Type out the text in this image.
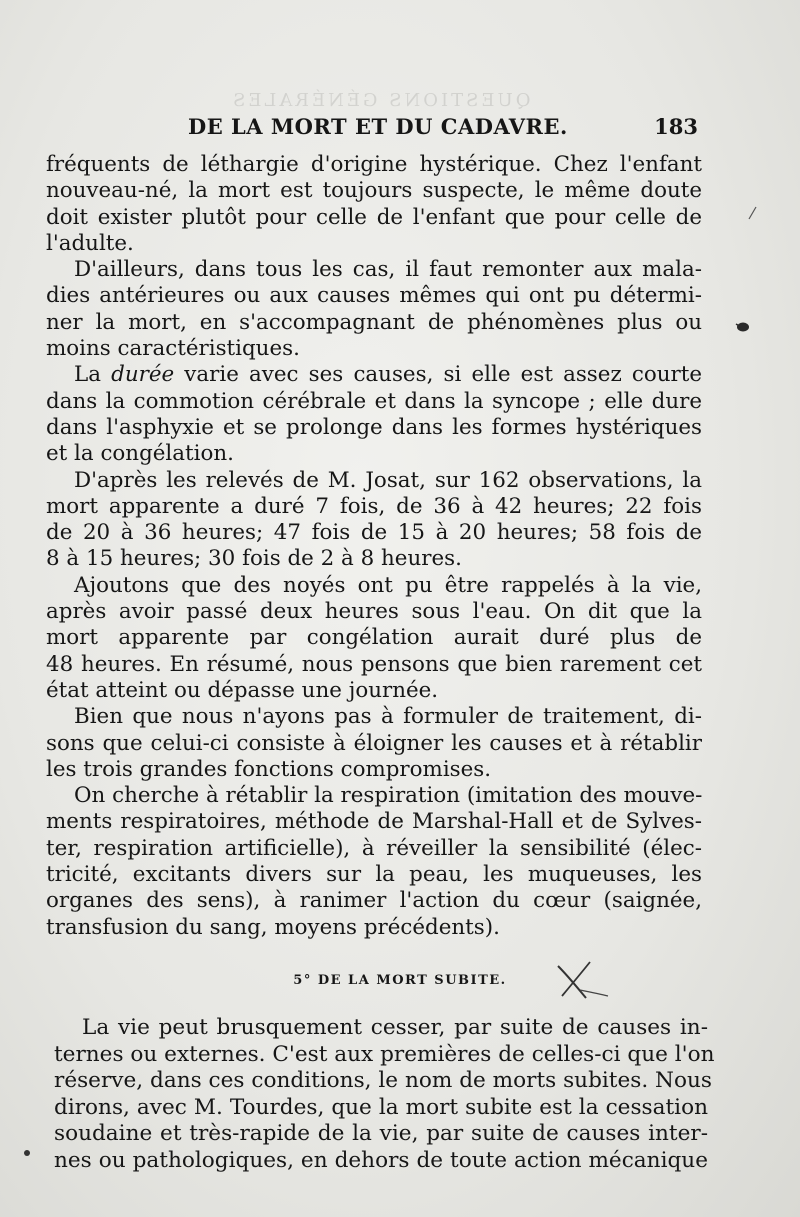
QUESTIONS GÉNÉRALES
DE LA MORT ET DU CADAVRE.	183
fréquents de léthargie d'origine hystérique. Chez l'enfant
nouveau-né, la mort est toujours suspecte, le même doute
doit exister plutôt pour celle de l'enfant que pour celle de
l'adulte.
D'ailleurs, dans tous les cas, il faut remonter aux mala-
dies antérieures ou aux causes mêmes qui ont pu détermi-
ner la mort, en s'accompagnant de phénomènes plus ou
moins caractéristiques.
La durée varie avec ses causes, si elle est assez courte
dans la commotion cérébrale et dans la syncope ; elle dure
dans l'asphyxie et se prolonge dans les formes hystériques
et la congélation.
D'après les relevés de M. Josat, sur 162 observations, la
mort apparente a duré 7 fois, de 36 à 42 heures; 22 fois
de 20 à 36 heures; 47 fois de 15 à 20 heures; 58 fois de
8 à 15 heures; 30 fois de 2 à 8 heures.
Ajoutons que des noyés ont pu être rappelés à la vie,
après avoir passé deux heures sous l'eau. On dit que la
mort apparente par congélation aurait duré plus de
48 heures. En résumé, nous pensons que bien rarement cet
état atteint ou dépasse une journée.
Bien que nous n'ayons pas à formuler de traitement, di-
sons que celui-ci consiste à éloigner les causes et à rétablir
les trois grandes fonctions compromises.
On cherche à rétablir la respiration (imitation des mouve-
ments respiratoires, méthode de Marshal-Hall et de Sylves-
ter, respiration artificielle), à réveiller la sensibilité (élec-
tricité, excitants divers sur la peau, les muqueuses, les
organes des sens), à ranimer l'action du cœur (saignée,
transfusion du sang, moyens précédents).
5° DE LA MORT SUBITE.
La vie peut brusquement cesser, par suite de causes in-
ternes ou externes. C'est aux premières de celles-ci que l'on
réserve, dans ces conditions, le nom de morts subites. Nous
dirons, avec M. Tourdes, que la mort subite est la cessation
soudaine et très-rapide de la vie, par suite de causes inter-
nes ou pathologiques, en dehors de toute action mécanique
